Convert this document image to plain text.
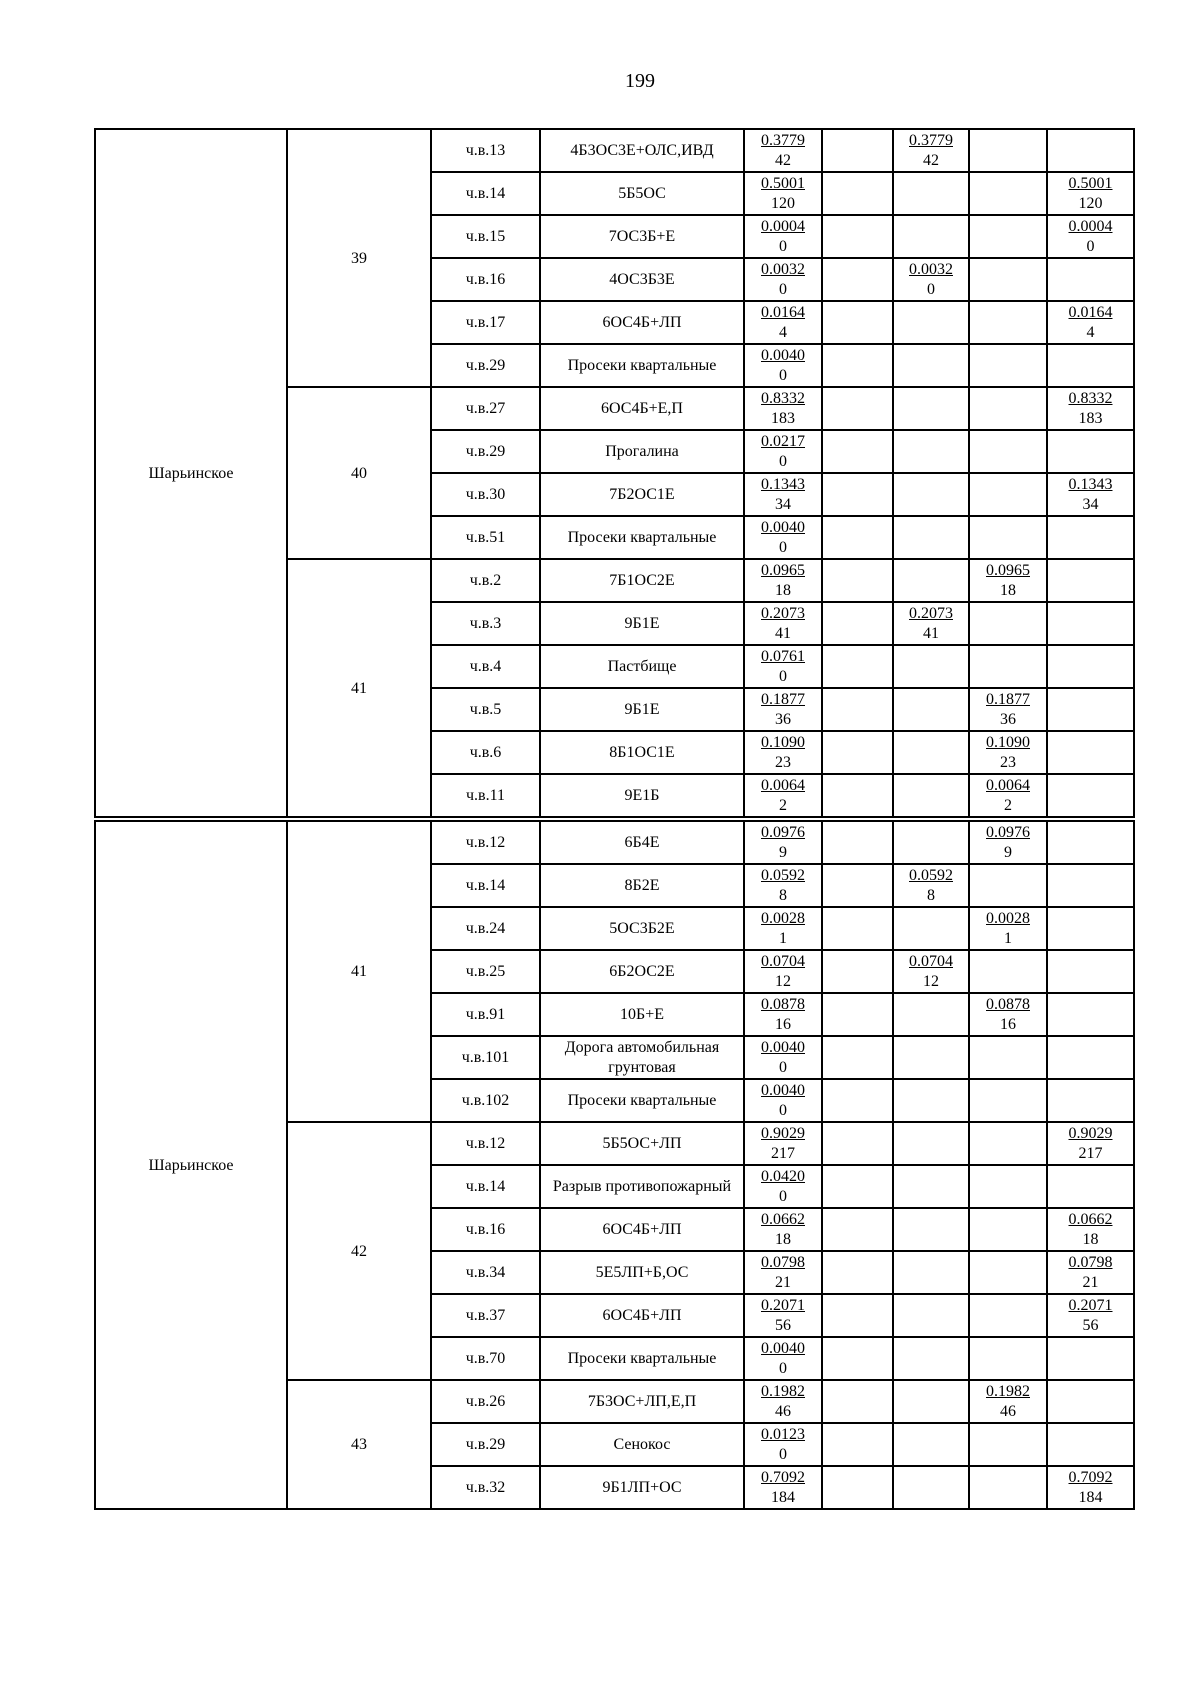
199
Шарьинское	39	ч.в.13	4Б3ОС3Е+ОЛС,ИВД	$\frac{0.3779}{42}$		$\frac{0.3779}{42}$

		ч.в.14	5Б5ОС	$\frac{0.5001}{120}$				$\frac{0.5001}{120}$

		ч.в.15	7ОС3Б+Е	$\frac{0.0004}{0}$				$\frac{0.0004}{0}$

		ч.в.16	4ОС3Б3Е	$\frac{0.0032}{0}$		$\frac{0.0032}{0}$

		ч.в.17	6ОС4Б+ЛП	$\frac{0.0164}{4}$				$\frac{0.0164}{4}$

		ч.в.29	Просеки квартальные	$\frac{0.0040}{0}$

	40	ч.в.27	6ОС4Б+Е,П	$\frac{0.8332}{183}$				$\frac{0.8332}{183}$

		ч.в.29	Прогалина	$\frac{0.0217}{0}$

		ч.в.30	7Б2ОС1Е	$\frac{0.1343}{34}$				$\frac{0.1343}{34}$

		ч.в.51	Просеки квартальные	$\frac{0.0040}{0}$

	41	ч.в.2	7Б1ОС2Е	$\frac{0.0965}{18}$			$\frac{0.0965}{18}$

		ч.в.3	9Б1Е	$\frac{0.2073}{41}$		$\frac{0.2073}{41}$

		ч.в.4	Пастбище	$\frac{0.0761}{0}$

		ч.в.5	9Б1Е	$\frac{0.1877}{36}$			$\frac{0.1877}{36}$

		ч.в.6	8Б1ОС1Е	$\frac{0.1090}{23}$			$\frac{0.1090}{23}$

		ч.в.11	9Е1Б	$\frac{0.0064}{2}$			$\frac{0.0064}{2}$

Шарьинское	41	ч.в.12	6Б4Е	$\frac{0.0976}{9}$			$\frac{0.0976}{9}$

		ч.в.14	8Б2Е	$\frac{0.0592}{8}$		$\frac{0.0592}{8}$

		ч.в.24	5ОС3Б2Е	$\frac{0.0028}{1}$			$\frac{0.0028}{1}$

		ч.в.25	6Б2ОС2Е	$\frac{0.0704}{12}$		$\frac{0.0704}{12}$

		ч.в.91	10Б+Е	$\frac{0.0878}{16}$			$\frac{0.0878}{16}$

		ч.в.101	Дорога автомобильная грунтовая	$\frac{0.0040}{0}$

		ч.в.102	Просеки квартальные	$\frac{0.0040}{0}$

	42	ч.в.12	5Б5ОС+ЛП	$\frac{0.9029}{217}$				$\frac{0.9029}{217}$

		ч.в.14	Разрыв противопожарный	$\frac{0.0420}{0}$

		ч.в.16	6ОС4Б+ЛП	$\frac{0.0662}{18}$				$\frac{0.0662}{18}$

		ч.в.34	5Е5ЛП+Б,ОС	$\frac{0.0798}{21}$				$\frac{0.0798}{21}$

		ч.в.37	6ОС4Б+ЛП	$\frac{0.2071}{56}$				$\frac{0.2071}{56}$

		ч.в.70	Просеки квартальные	$\frac{0.0040}{0}$

	43	ч.в.26	7Б3ОС+ЛП,Е,П	$\frac{0.1982}{46}$			$\frac{0.1982}{46}$

		ч.в.29	Сенокос	$\frac{0.0123}{0}$

		ч.в.32	9Б1ЛП+ОС	$\frac{0.7092}{184}$				$\frac{0.7092}{184}$
